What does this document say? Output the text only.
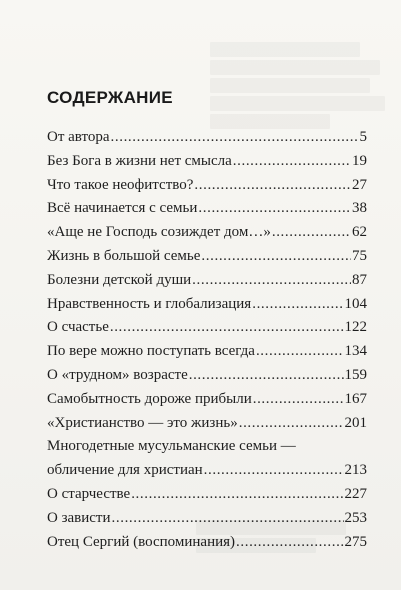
СОДЕРЖАНИЕ
От автора .....	5
Без Бога в жизни нет смысла .....	19
Что такое неофитство? .....	27
Всё начинается с семьи .....	38
«Аще не Господь созиждет дом…» .....	62
Жизнь в большой семье .....	75
Болезни детской души .....	87
Нравственность и глобализация .....	104
О счастье .....	122
По вере можно поступать всегда .....	134
О «трудном» возрасте .....	159
Самобытность дороже прибыли .....	167
«Христианство — это жизнь» .....	201
Многодетные мусульманские семьи —
обличение для христиан .....	213
О старчестве .....	227
О зависти .....	253
Отец Сергий (воспоминания) .....	275
